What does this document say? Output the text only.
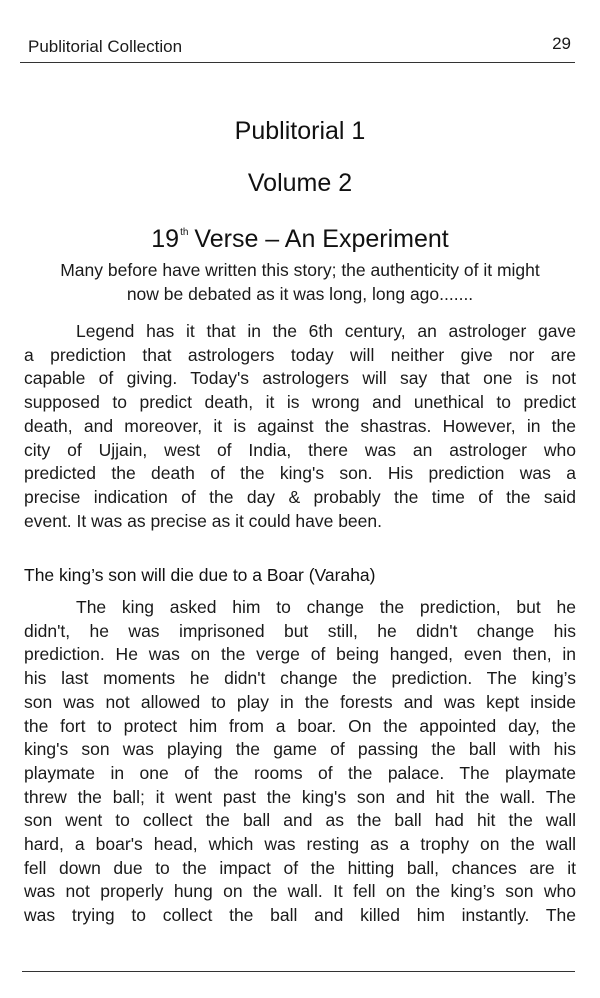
Publitorial Collection	29
Publitorial 1
Volume 2
19th Verse – An Experiment
Many before have written this story; the authenticity of it might
now be debated as it was long, long ago.......
Legend has it that in the 6th century, an astrologer gave
a prediction that astrologers today will neither give nor are
capable of giving. Today's astrologers will say that one is not
supposed to predict death, it is wrong and unethical to predict
death, and moreover, it is against the shastras. However, in the
city of Ujjain, west of India, there was an astrologer who
predicted the death of the king's son. His prediction was a
precise indication of the day & probably the time of the said
event. It was as precise as it could have been.
The king’s son will die due to a Boar (Varaha)
The king asked him to change the prediction, but he
didn't, he was imprisoned but still, he didn't change his
prediction. He was on the verge of being hanged, even then, in
his last moments he didn't change the prediction. The king’s
son was not allowed to play in the forests and was kept inside
the fort to protect him from a boar. On the appointed day, the
king's son was playing the game of passing the ball with his
playmate in one of the rooms of the palace. The playmate
threw the ball; it went past the king's son and hit the wall. The
son went to collect the ball and as the ball had hit the wall
hard, a boar's head, which was resting as a trophy on the wall
fell down due to the impact of the hitting ball, chances are it
was not properly hung on the wall. It fell on the king’s son who
was trying to collect the ball and killed him instantly. The
